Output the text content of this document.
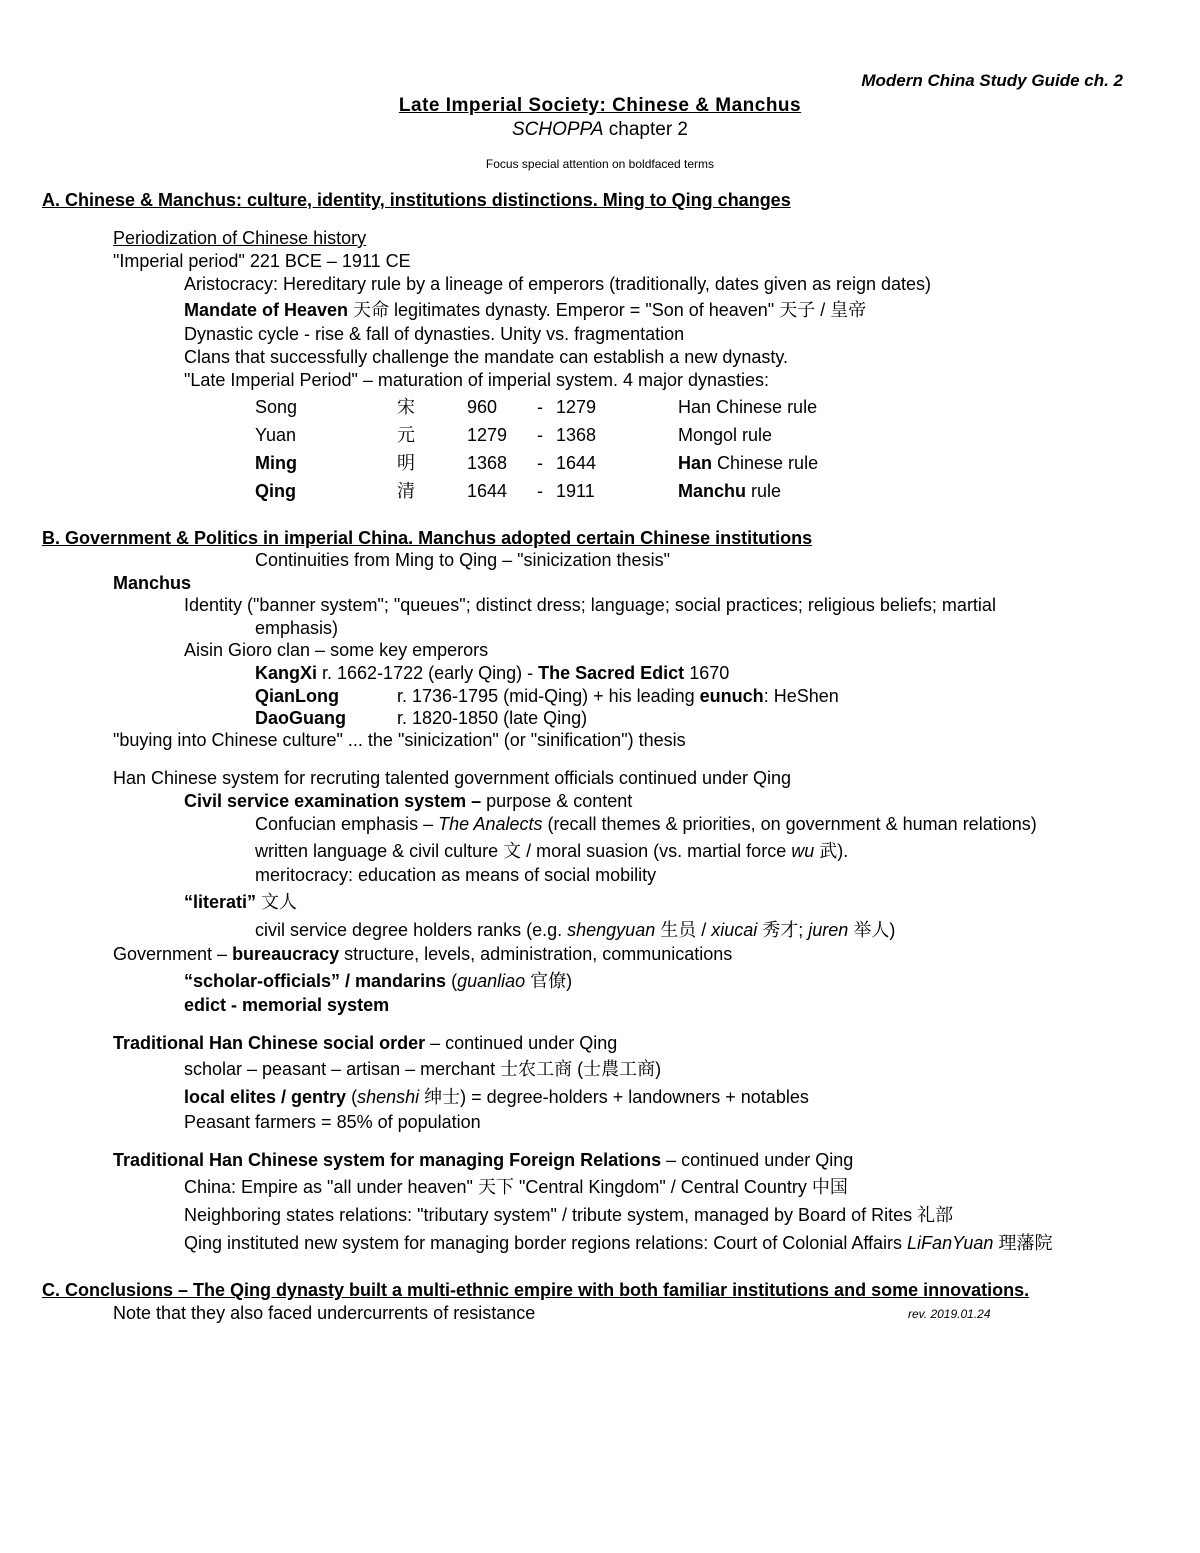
Modern China Study Guide ch. 2
Late Imperial Society: Chinese & Manchus
SCHOPPA chapter 2
Focus special attention on boldfaced terms
A. Chinese & Manchus: culture, identity, institutions distinctions. Ming to Qing changes
Periodization of Chinese history
"Imperial period" 221 BCE – 1911 CE
Aristocracy: Hereditary rule by a lineage of emperors (traditionally, dates given as reign dates)
Mandate of Heaven 天命 legitimates dynasty. Emperor = "Son of heaven" 天子 / 皇帝
Dynastic cycle - rise & fall of dynasties. Unity vs. fragmentation
Clans that successfully challenge the mandate can establish a new dynasty.
"Late Imperial Period" – maturation of imperial system. 4 major dynasties:
Song	宋	960 - 1279	Han Chinese rule
Yuan	元	1279 - 1368	Mongol rule
Ming	明	1368 - 1644	Han Chinese rule
Qing	清	1644 - 1911	Manchu rule
B. Government & Politics in imperial China. Manchus adopted certain Chinese institutions
Continuities from Ming to Qing – "sinicization thesis"
Manchus
Identity ("banner system"; "queues"; distinct dress; language; social practices; religious beliefs; martial
emphasis)
Aisin Gioro clan – some key emperors
KangXi r. 1662-1722 (early Qing) - The Sacred Edict 1670
QianLong	r. 1736-1795 (mid-Qing) + his leading eunuch: HeShen
DaoGuang	r. 1820-1850 (late Qing)
"buying into Chinese culture" ... the "sinicization" (or "sinification") thesis
Han Chinese system for recruting talented government officials continued under Qing
Civil service examination system – purpose & content
Confucian emphasis – The Analects (recall themes & priorities, on government & human relations)
written language & civil culture 文 / moral suasion (vs. martial force wu 武).
meritocracy: education as means of social mobility
“literati” 文人
civil service degree holders ranks (e.g. shengyuan 生员 / xiucai 秀才; juren 举人)
Government – bureaucracy structure, levels, administration, communications
“scholar-officials” / mandarins (guanliao 官僚)
edict - memorial system
Traditional Han Chinese social order – continued under Qing
scholar – peasant – artisan – merchant 士农工商 (士農工商)
local elites / gentry (shenshi 绅士) = degree-holders + landowners + notables
Peasant farmers = 85% of population
Traditional Han Chinese system for managing Foreign Relations – continued under Qing
China: Empire as "all under heaven" 天下 "Central Kingdom" / Central Country 中国
Neighboring states relations: "tributary system" / tribute system, managed by Board of Rites 礼部
Qing instituted new system for managing border regions relations: Court of Colonial Affairs LiFanYuan 理藩院
C. Conclusions – The Qing dynasty built a multi-ethnic empire with both familiar institutions and some innovations.
Note that they also faced undercurrents of resistance	rev. 2019.01.24
